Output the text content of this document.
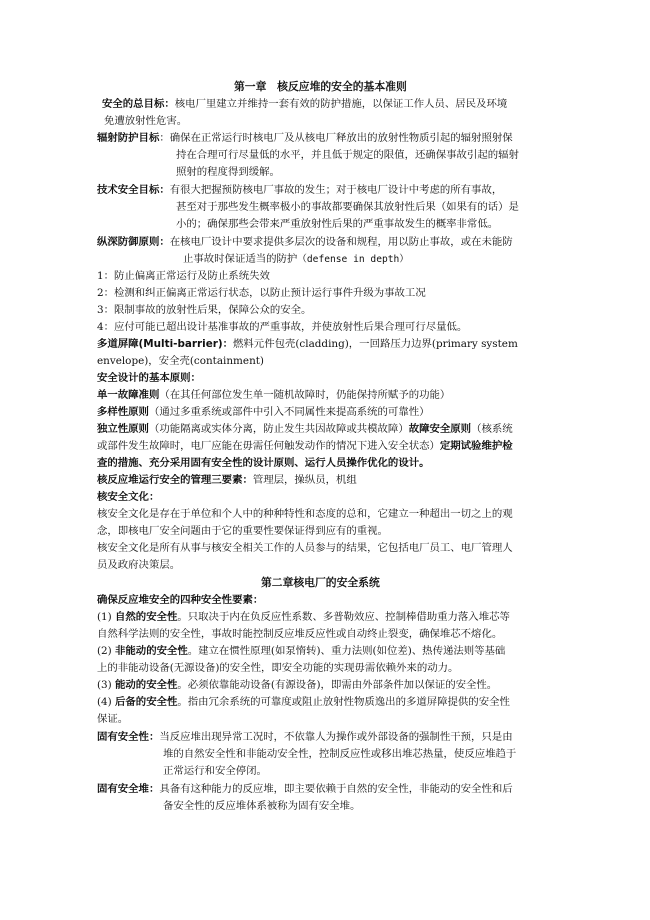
第一章　核反应堆的安全的基本准则
安全的总目标：核电厂里建立并维持一套有效的防护措施，以保证工作人员、居民及环境
免遭放射性危害。
辐射防护目标：确保在正常运行时核电厂及从核电厂释放出的放射性物质引起的辐射照射保
持在合理可行尽量低的水平，并且低于规定的限值，还确保事故引起的辐射
照射的程度得到缓解。
技术安全目标：有很大把握预防核电厂事故的发生；对于核电厂设计中考虑的所有事故，
甚至对于那些发生概率极小的事故都要确保其放射性后果（如果有的话）是
小的；确保那些会带来严重放射性后果的严重事故发生的概率非常低。
纵深防御原则：在核电厂设计中要求提供多层次的设备和规程，用以防止事故，或在未能防
止事故时保证适当的防护（defense in depth）
1：防止偏离正常运行及防止系统失效
2：检测和纠正偏离正常运行状态，以防止预计运行事件升级为事故工况
3：限制事故的放射性后果，保障公众的安全。
4：应付可能已超出设计基准事故的严重事故，并使放射性后果合理可行尽量低。
多道屏障(Multi-barrier)：燃料元件包壳(cladding)，一回路压力边界(primary system
envelope)，安全壳(containment)
安全设计的基本原则：
单一故障准则（在其任何部位发生单一随机故障时，仍能保持所赋予的功能）
多样性原则（通过多重系统或部件中引入不同属性来提高系统的可靠性）
独立性原则（功能隔离或实体分离，防止发生共因故障或共模故障）故障安全原则（核系统
或部件发生故障时，电厂应能在毋需任何触发动作的情况下进入安全状态）定期试验维护检
查的措施、充分采用固有安全性的设计原则、运行人员操作优化的设计。
核反应堆运行安全的管理三要素：管理层，操纵员，机组
核安全文化：
核安全文化是存在于单位和个人中的种种特性和态度的总和，它建立一种超出一切之上的观
念，即核电厂安全问题由于它的重要性要保证得到应有的重视。
核安全文化是所有从事与核安全相关工作的人员参与的结果，它包括电厂员工、电厂管理人
员及政府决策层。
第二章核电厂的安全系统
确保反应堆安全的四种安全性要素：
(1) 自然的安全性。只取决于内在负反应性系数、多普勒效应、控制棒借助重力落入堆芯等
自然科学法则的安全性，事故时能控制反应堆反应性或自动终止裂变，确保堆芯不熔化。
(2) 非能动的安全性。建立在惯性原理(如泵惰转)、重力法则(如位差)、热传递法则等基础
上的非能动设备(无源设备)的安全性，即安全功能的实现毋需依赖外来的动力。
(3) 能动的安全性。必须依靠能动设备(有源设备)，即需由外部条件加以保证的安全性。
(4) 后备的安全性。指由冗余系统的可靠度或阻止放射性物质逸出的多道屏障提供的安全性
保证。
固有安全性：当反应堆出现异常工况时，不依靠人为操作或外部设备的强制性干预，只是由
堆的自然安全性和非能动安全性，控制反应性或移出堆芯热量，使反应堆趋于
正常运行和安全停闭。
固有安全堆：具备有这种能力的反应堆，即主要依赖于自然的安全性，非能动的安全性和后
备安全性的反应堆体系被称为固有安全堆。
